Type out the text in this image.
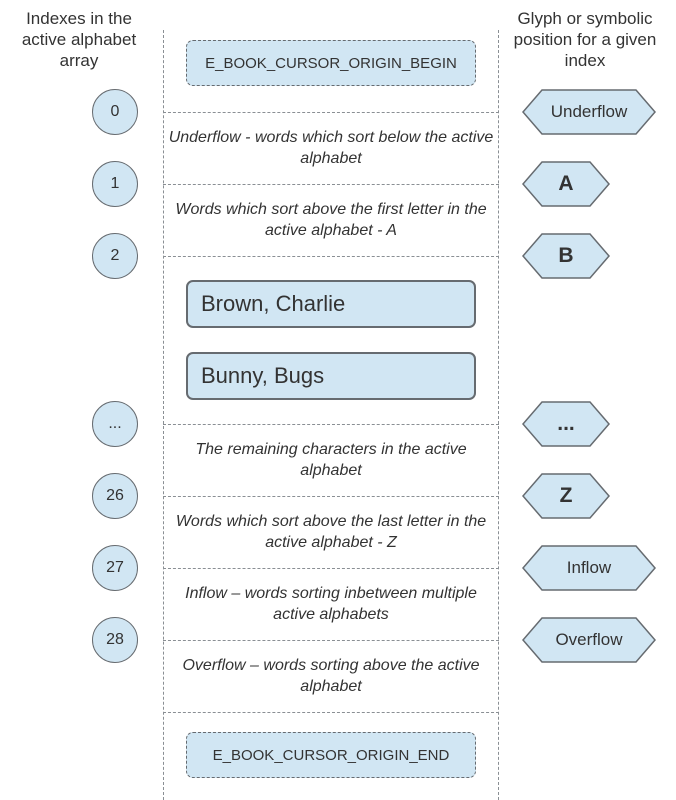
Indexes in the active alphabet array
Glyph or symbolic position for a given index
E_BOOK_CURSOR_ORIGIN_BEGIN
E_BOOK_CURSOR_ORIGIN_END
0
1
2
...
26
27
28
Underflow
A
B
...
Z
Inflow
Overflow
Underflow - words which sort below the active alphabet
Words which sort above the first letter in the active alphabet - A
The remaining characters in the active alphabet
Words which sort above the last letter in the active alphabet - Z
Inflow – words sorting inbetween multiple active alphabets
Overflow – words sorting above the active alphabet
Brown, Charlie
Bunny, Bugs
